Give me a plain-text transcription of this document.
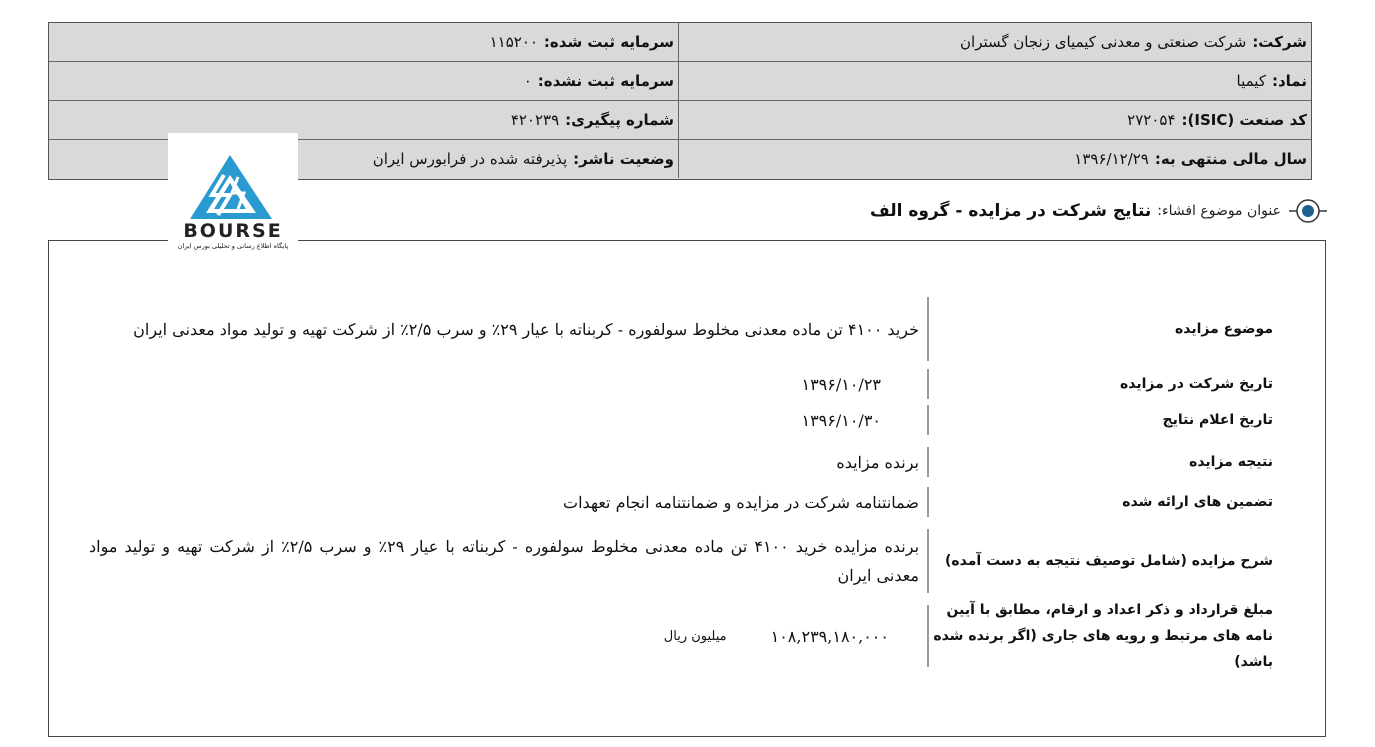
شرکت:
شرکت صنعتی و معدنی کیمیای زنجان گستران
سرمایه ثبت شده:
۱۱۵۲۰۰
نماد:
کیمیا
سرمایه ثبت نشده:
۰
کد صنعت (ISIC):
۲۷۲۰۵۴
شماره پیگیری:
۴۲۰۲۳۹
سال مالی منتهی به:
۱۳۹۶/۱۲/۲۹
وضعیت ناشر:
پذیرفته شده در فرابورس ایران
BOURSE
پایگاه اطلاع رسانی و تحلیلی بورس ایران
عنوان موضوع افشاء:
نتایج شرکت در مزایده - گروه الف
موضوع مزایده
خرید ۴۱۰۰ تن ماده معدنی مخلوط سولفوره - کربناته با عیار ۲۹٪ و سرب ۲/۵٪ از شرکت تهیه و تولید مواد معدنی ایران
تاریخ شرکت در مزایده
۱۳۹۶/۱۰/۲۳
تاریخ اعلام نتایج
۱۳۹۶/۱۰/۳۰
نتیجه مزایده
برنده مزایده
تضمین های ارائه شده
ضمانتنامه شرکت در مزایده و ضمانتنامه انجام تعهدات
شرح مزایده (شامل توصیف نتیجه به دست آمده)
برنده مزایده خرید ۴۱۰۰ تن ماده معدنی مخلوط سولفوره - کربناته با عیار ۲۹٪ و سرب ۲/۵٪ از شرکت تهیه و تولید مواد معدنی ایران
مبلغ قرارداد و ذکر اعداد و ارقام، مطابق با آیین نامه های مرتبط و رویه های جاری (اگر برنده شده باشد)
۱۰۸,۲۳۹,۱۸۰,۰۰۰
میلیون ریال
